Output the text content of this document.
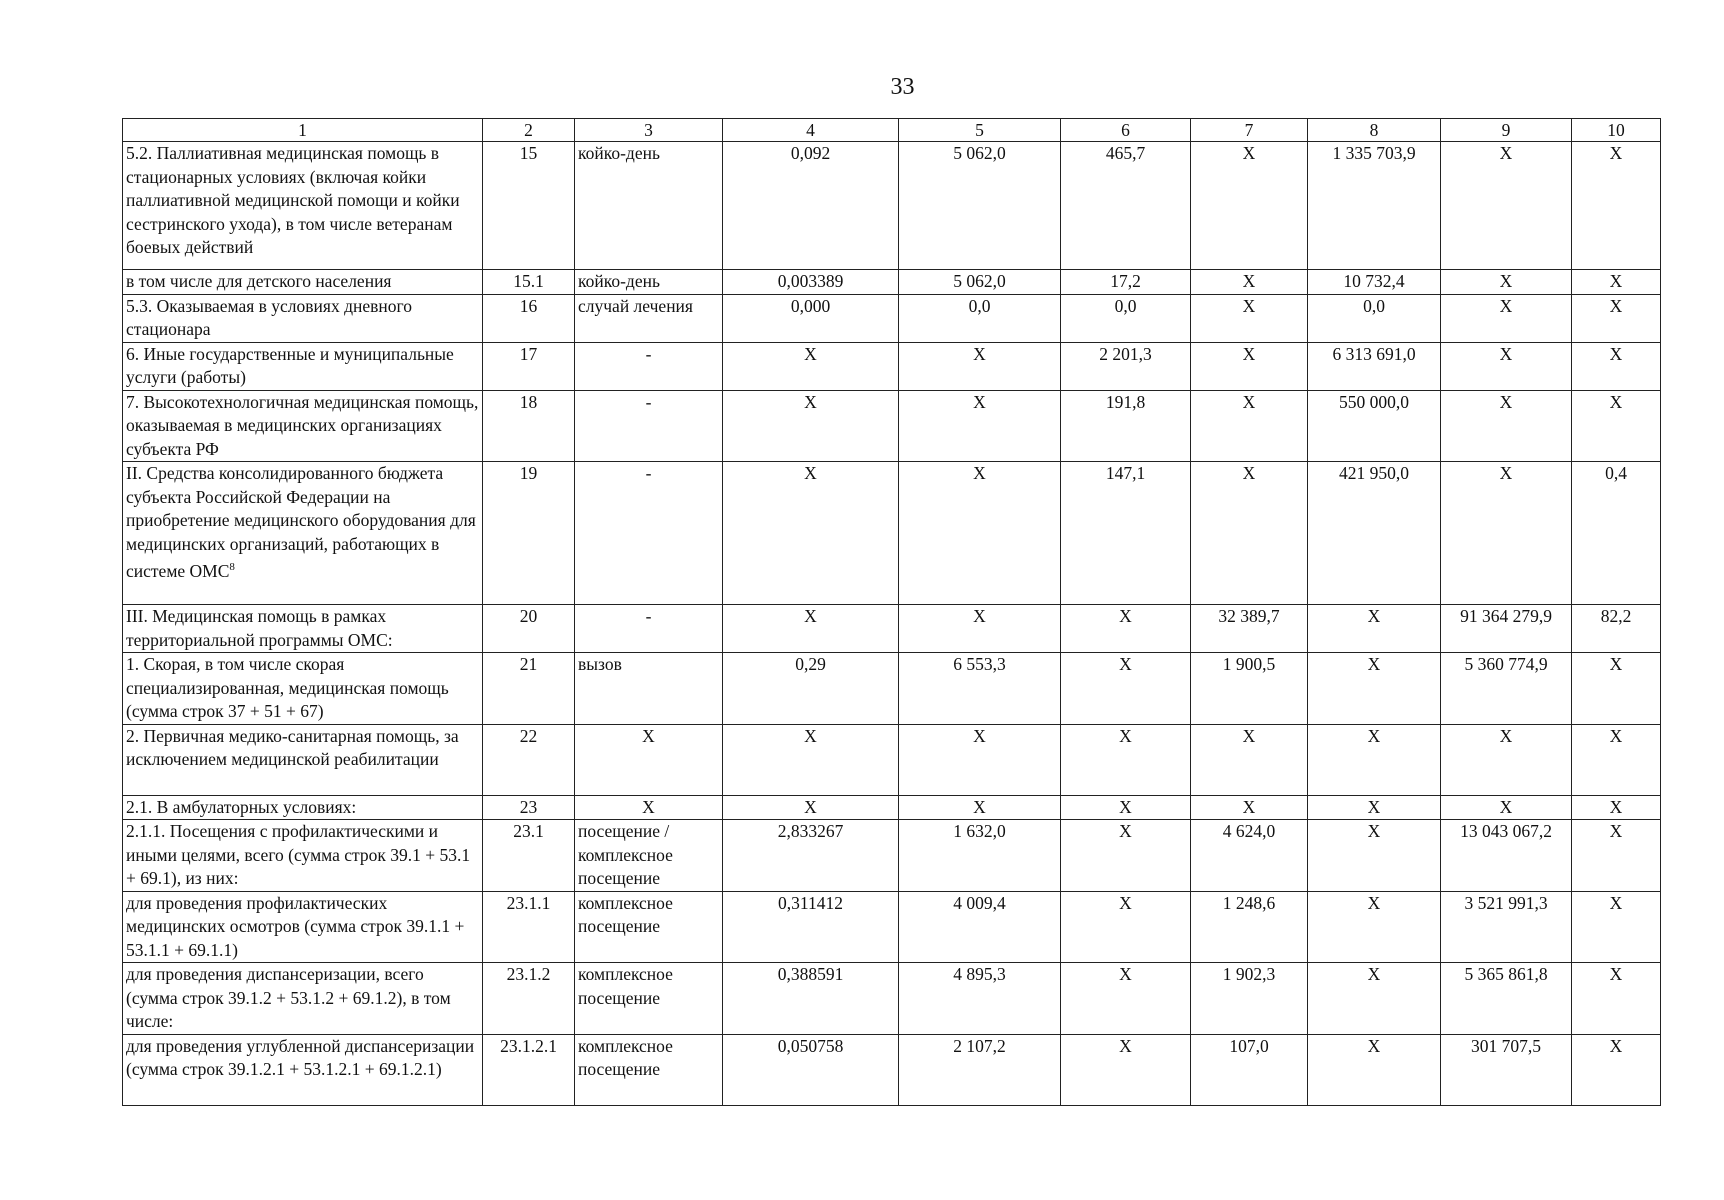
33
1	2	3	4	5	6	7	8	9	10
5.2. Паллиативная медицинская помощь в стационарных условиях (включая койки паллиативной медицинской помощи и койки сестринского ухода), в том числе ветеранам боевых действий	15	койко-день	0,092	5 062,0	465,7	X	1 335 703,9	X	X
в том числе для детского населения	15.1	койко-день	0,003389	5 062,0	17,2	X	10 732,4	X	X
5.3. Оказываемая в условиях дневного стационара	16	случай лечения	0,000	0,0	0,0	X	0,0	X	X
6. Иные государственные и муниципальные услуги (работы)	17	-	X	X	2 201,3	X	6 313 691,0	X	X
7. Высокотехнологичная медицинская помощь, оказываемая в медицинских организациях субъекта РФ	18	-	X	X	191,8	X	550 000,0	X	X
II. Средства консолидированного бюджета субъекта Российской Федерации на приобретение медицинского оборудования для медицинских организаций, работающих в системе ОМС$^8$	19	-	X	X	147,1	X	421 950,0	X	0,4
III. Медицинская помощь в рамках территориальной программы ОМС:	20	-	X	X	X	32 389,7	X	91 364 279,9	82,2
1. Скорая, в том числе скорая специализированная, медицинская помощь (сумма строк 37 + 51 + 67)	21	вызов	0,29	6 553,3	X	1 900,5	X	5 360 774,9	X
2. Первичная медико-санитарная помощь, за исключением медицинской реабилитации	22	X	X	X	X	X	X	X	X
2.1. В амбулаторных условиях:	23	X	X	X	X	X	X	X	X
2.1.1. Посещения с профилактическими и иными целями, всего (сумма строк 39.1 + 53.1 + 69.1), из них:	23.1	посещение / комплексное посещение	2,833267	1 632,0	X	4 624,0	X	13 043 067,2	X
для проведения профилактических медицинских осмотров (сумма строк 39.1.1 + 53.1.1 + 69.1.1)	23.1.1	комплексное посещение	0,311412	4 009,4	X	1 248,6	X	3 521 991,3	X
для проведения диспансеризации, всего (сумма строк 39.1.2 + 53.1.2 + 69.1.2), в том числе:	23.1.2	комплексное посещение	0,388591	4 895,3	X	1 902,3	X	5 365 861,8	X
для проведения углубленной диспансеризации (сумма строк 39.1.2.1 + 53.1.2.1 + 69.1.2.1)	23.1.2.1	комплексное посещение	0,050758	2 107,2	X	107,0	X	301 707,5	X
